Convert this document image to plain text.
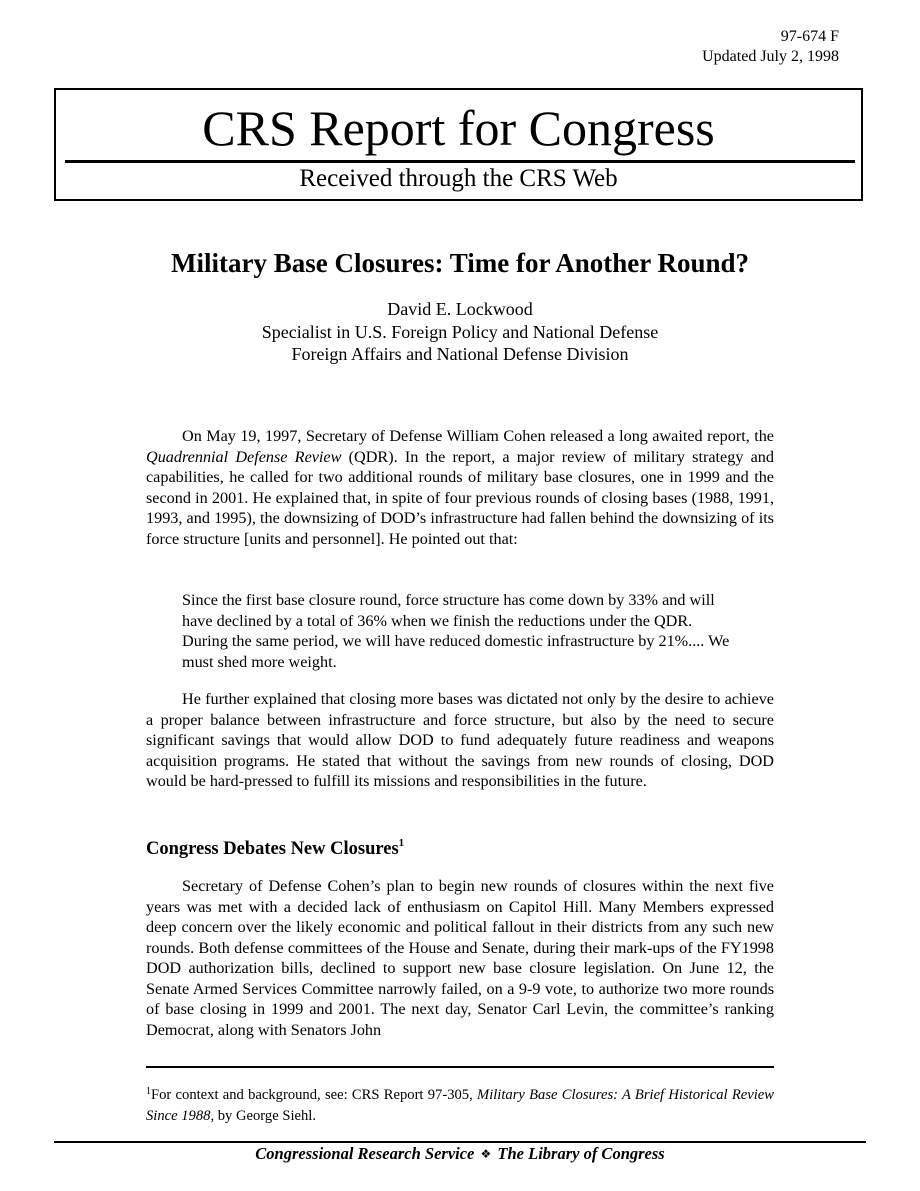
97-674 F
Updated July 2, 1998
CRS Report for Congress
Received through the CRS Web
Military Base Closures: Time for Another Round?
David E. Lockwood
Specialist in U.S. Foreign Policy and National Defense
Foreign Affairs and National Defense Division

On May 19, 1997, Secretary of Defense William Cohen released a long awaited report, the Quadrennial Defense Review (QDR). In the report, a major review of military strategy and capabilities, he called for two additional rounds of military base closures, one in 1999 and the second in 2001. He explained that, in spite of four previous rounds of closing bases (1988, 1991, 1993, and 1995), the downsizing of DOD’s infrastructure had fallen behind the downsizing of its force structure [units and personnel]. He pointed out that:

Since the first base closure round, force structure has come down by 33% and will have declined by a total of 36% when we finish the reductions under the QDR. During the same period, we will have reduced domestic infrastructure by 21%.... We must shed more weight.

He further explained that closing more bases was dictated not only by the desire to achieve a proper balance between infrastructure and force structure, but also by the need to secure significant savings that would allow DOD to fund adequately future readiness and weapons acquisition programs. He stated that without the savings from new rounds of closing, DOD would be hard-pressed to fulfill its missions and responsibilities in the future.

Congress Debates New Closures$^1$

Secretary of Defense Cohen’s plan to begin new rounds of closures within the next five years was met with a decided lack of enthusiasm on Capitol Hill. Many Members expressed deep concern over the likely economic and political fallout in their districts from any such new rounds. Both defense committees of the House and Senate, during their mark-ups of the FY1998 DOD authorization bills, declined to support new base closure legislation. On June 12, the Senate Armed Services Committee narrowly failed, on a 9-9 vote, to authorize two more rounds of base closing in 1999 and 2001. The next day, Senator Carl Levin, the committee’s ranking Democrat, along with Senators John

$^1$For context and background, see: CRS Report 97-305, Military Base Closures: A Brief Historical Review Since 1988, by George Siehl.

Congressional Research Service ❖ The Library of Congress
